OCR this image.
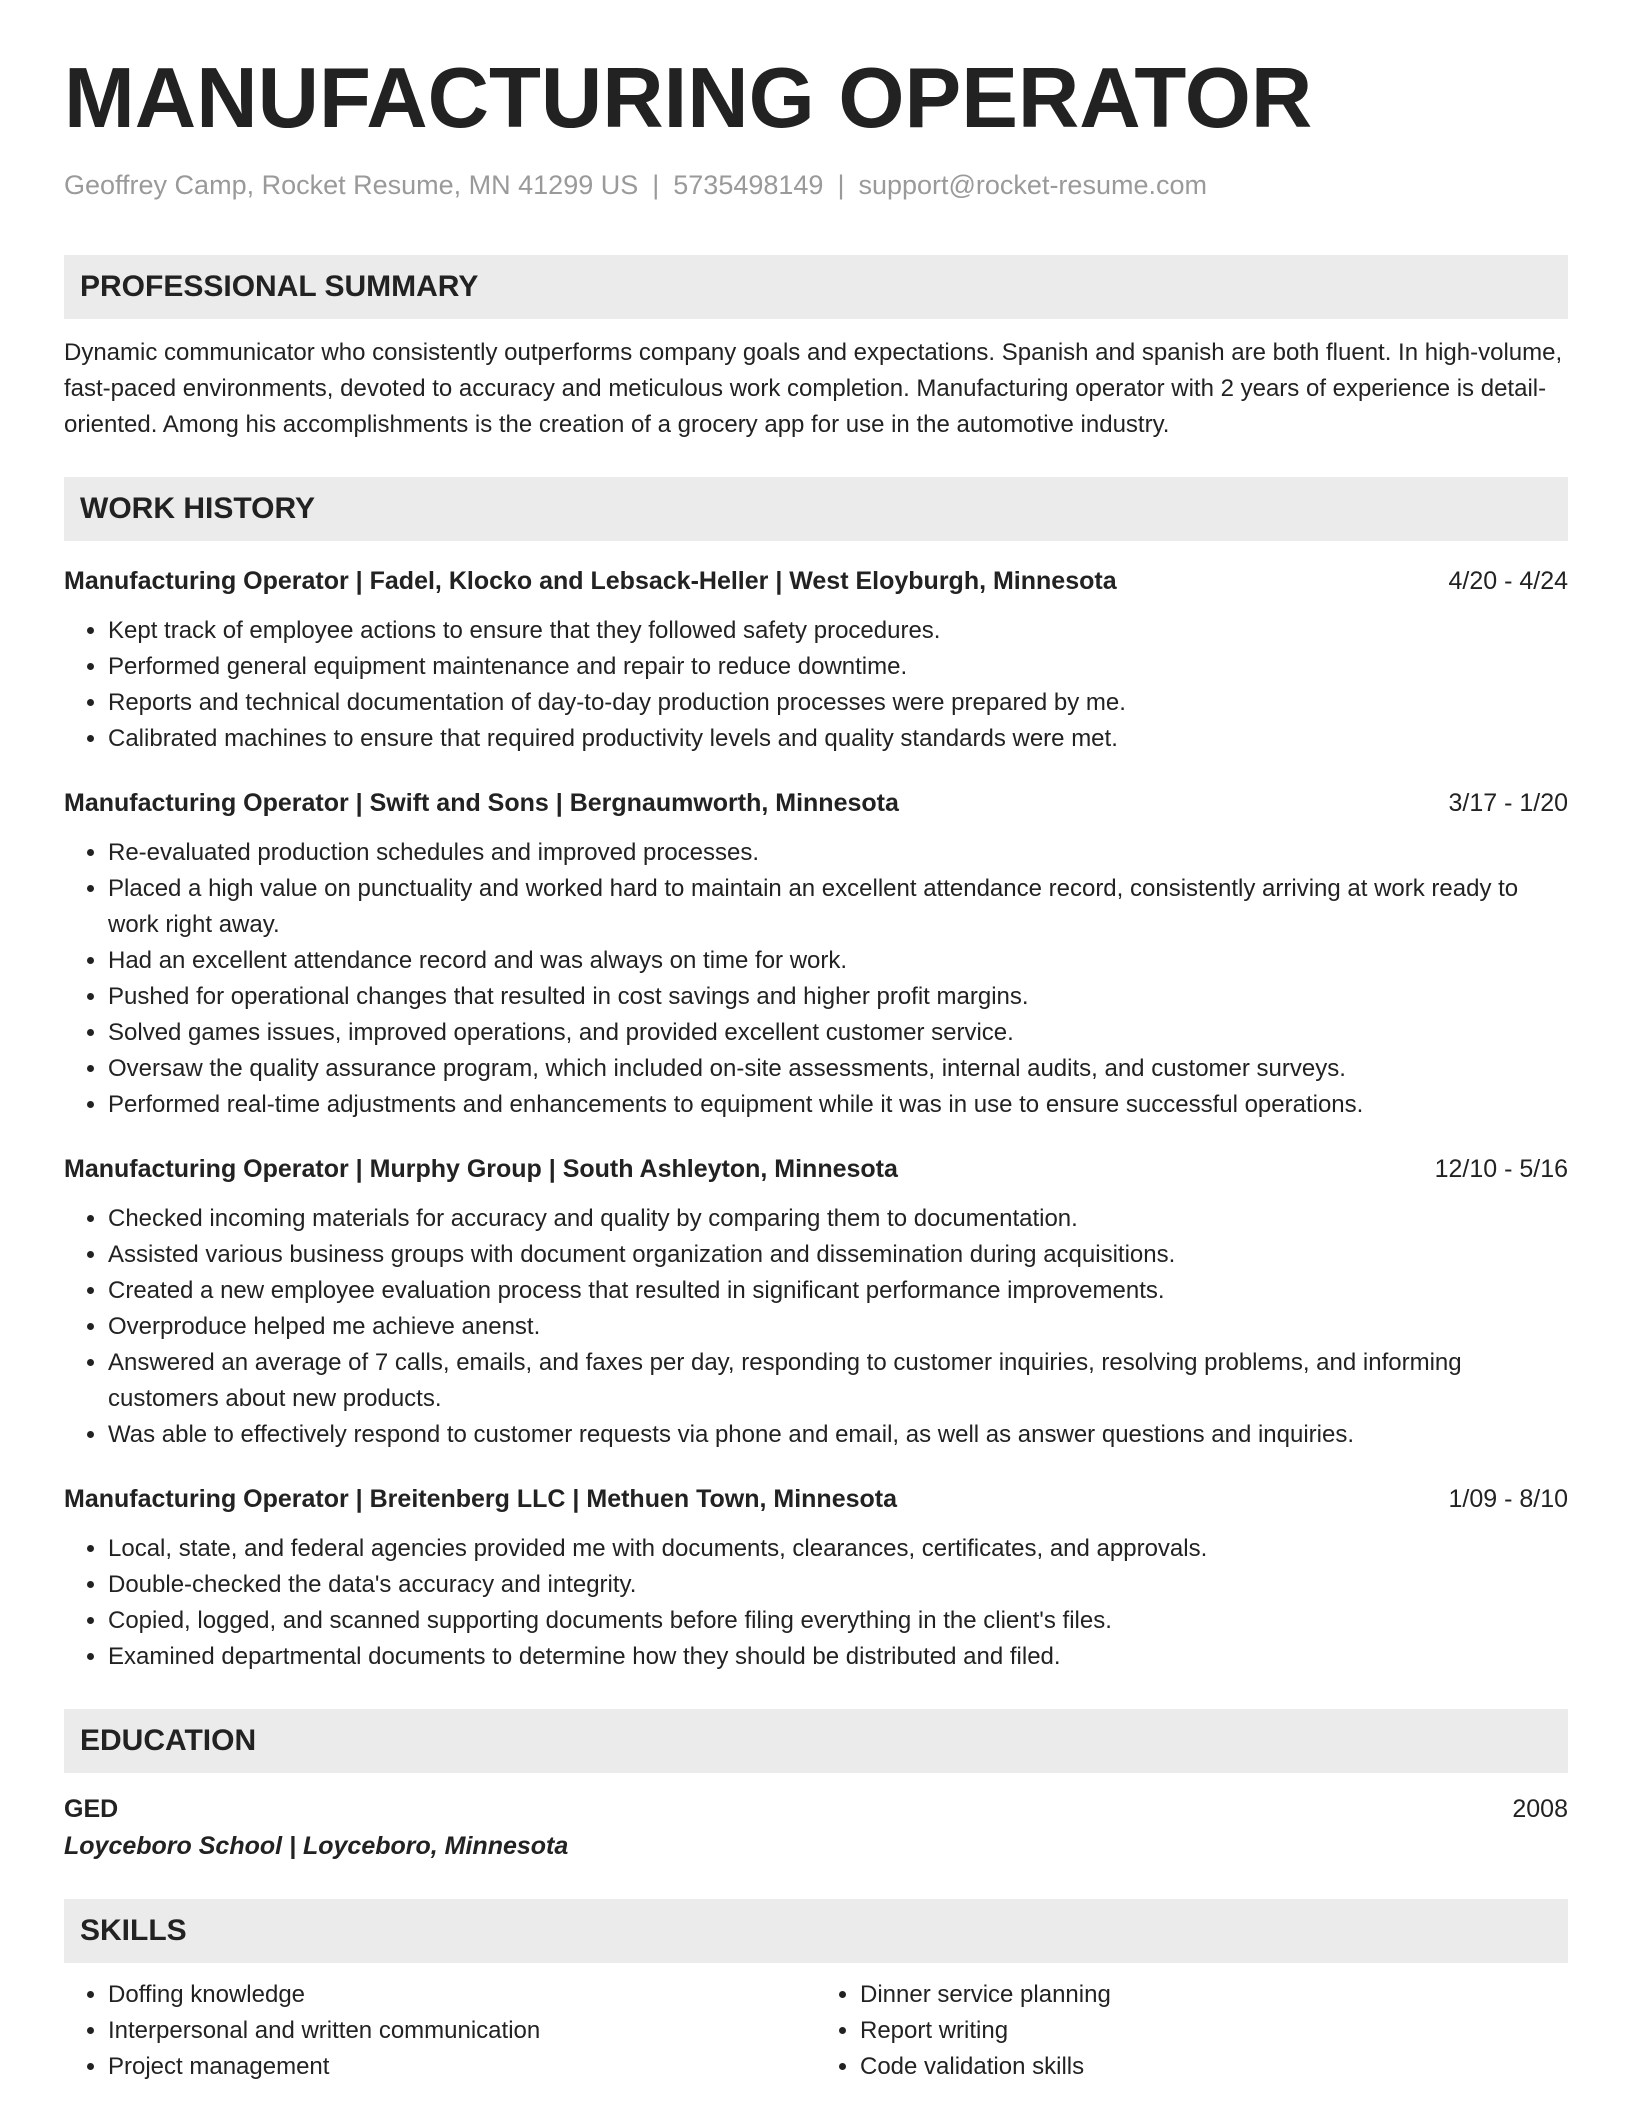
MANUFACTURING OPERATOR
Geoffrey Camp, Rocket Resume, MN 41299 US | 5735498149 | support@rocket-resume.com
PROFESSIONAL SUMMARY
Dynamic communicator who consistently outperforms company goals and expectations. Spanish and spanish are both fluent. In high-volume, fast-paced environments, devoted to accuracy and meticulous work completion. Manufacturing operator with 2 years of experience is detail-oriented. Among his accomplishments is the creation of a grocery app for use in the automotive industry.
WORK HISTORY
Manufacturing Operator | Fadel, Klocko and Lebsack-Heller | West Eloyburgh, Minnesota	4/20 - 4/24
• Kept track of employee actions to ensure that they followed safety procedures.
• Performed general equipment maintenance and repair to reduce downtime.
• Reports and technical documentation of day-to-day production processes were prepared by me.
• Calibrated machines to ensure that required productivity levels and quality standards were met.
Manufacturing Operator | Swift and Sons | Bergnaumworth, Minnesota	3/17 - 1/20
• Re-evaluated production schedules and improved processes.
• Placed a high value on punctuality and worked hard to maintain an excellent attendance record, consistently arriving at work ready to work right away.
• Had an excellent attendance record and was always on time for work.
• Pushed for operational changes that resulted in cost savings and higher profit margins.
• Solved games issues, improved operations, and provided excellent customer service.
• Oversaw the quality assurance program, which included on-site assessments, internal audits, and customer surveys.
• Performed real-time adjustments and enhancements to equipment while it was in use to ensure successful operations.
Manufacturing Operator | Murphy Group | South Ashleyton, Minnesota	12/10 - 5/16
• Checked incoming materials for accuracy and quality by comparing them to documentation.
• Assisted various business groups with document organization and dissemination during acquisitions.
• Created a new employee evaluation process that resulted in significant performance improvements.
• Overproduce helped me achieve anenst.
• Answered an average of 7 calls, emails, and faxes per day, responding to customer inquiries, resolving problems, and informing customers about new products.
• Was able to effectively respond to customer requests via phone and email, as well as answer questions and inquiries.
Manufacturing Operator | Breitenberg LLC | Methuen Town, Minnesota	1/09 - 8/10
• Local, state, and federal agencies provided me with documents, clearances, certificates, and approvals.
• Double-checked the data's accuracy and integrity.
• Copied, logged, and scanned supporting documents before filing everything in the client's files.
• Examined departmental documents to determine how they should be distributed and filed.
EDUCATION
GED	2008
Loyceboro School | Loyceboro, Minnesota
SKILLS
• Doffing knowledge
• Interpersonal and written communication
• Project management
• Dinner service planning
• Report writing
• Code validation skills
